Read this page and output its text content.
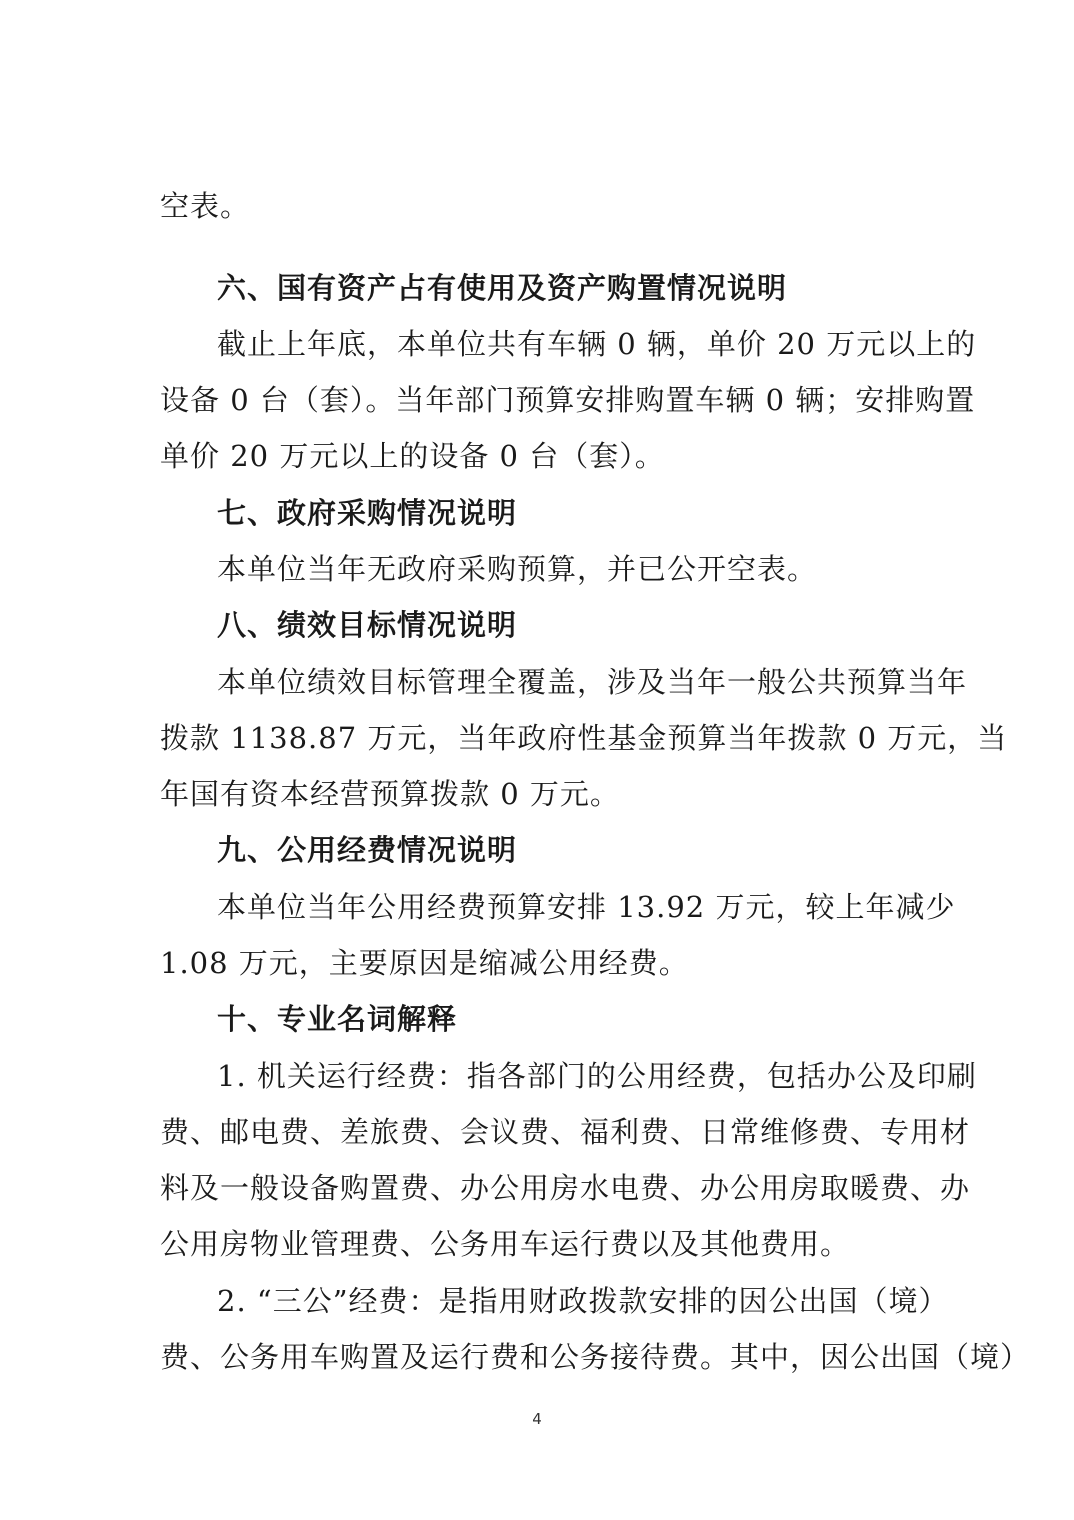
空表。
六、国有资产占有使用及资产购置情况说明
截止上年底，本单位共有车辆 0 辆，单价 20 万元以上的
设备 0 台（套）。当年部门预算安排购置车辆 0 辆；安排购置
单价 20 万元以上的设备 0 台（套）。
七、政府采购情况说明
本单位当年无政府采购预算，并已公开空表。
八、绩效目标情况说明
本单位绩效目标管理全覆盖，涉及当年一般公共预算当年
拨款 1138.87 万元，当年政府性基金预算当年拨款 0 万元，当
年国有资本经营预算拨款 0 万元。
九、公用经费情况说明
本单位当年公用经费预算安排 13.92 万元，较上年减少
1.08 万元，主要原因是缩减公用经费。
十、专业名词解释
1. 机关运行经费：指各部门的公用经费，包括办公及印刷
费、邮电费、差旅费、会议费、福利费、日常维修费、专用材
料及一般设备购置费、办公用房水电费、办公用房取暖费、办
公用房物业管理费、公务用车运行费以及其他费用。
2. “三公”经费：是指用财政拨款安排的因公出国（境）
费、公务用车购置及运行费和公务接待费。其中，因公出国（境）
4
